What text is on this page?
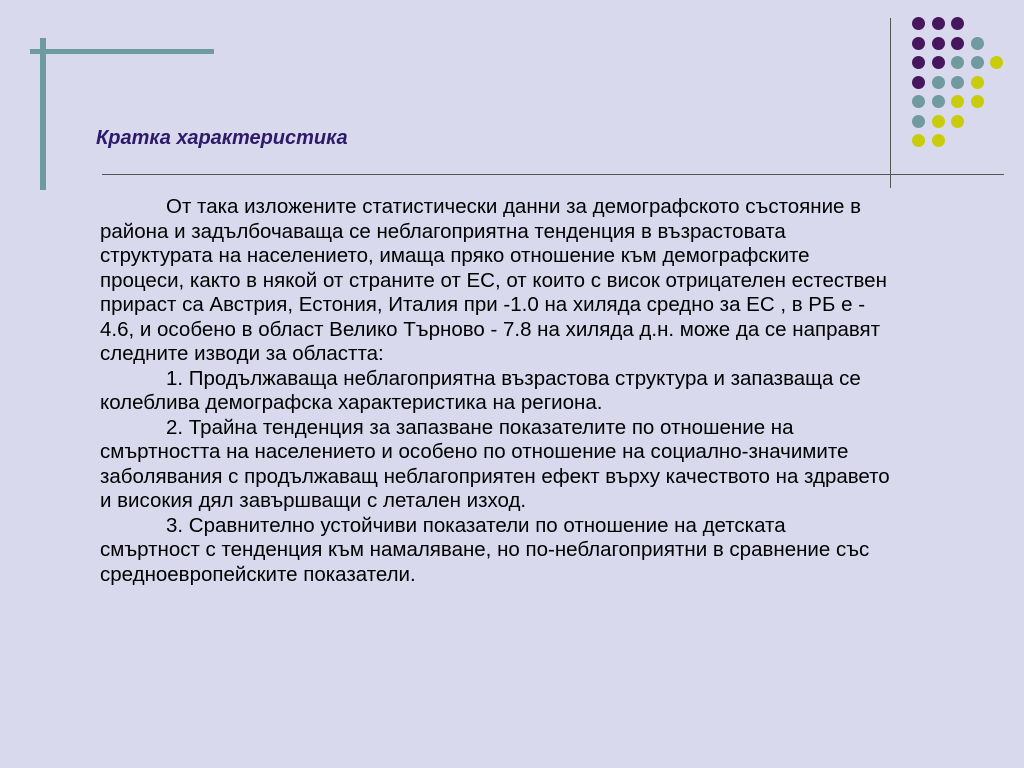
Кратка характеристика

От така изложените статистически данни за демографското състояние в района и задълбочаваща се неблагоприятна тенденция в възрастовата структурата на населението, имаща пряко отношение към демографските процеси, както в някой от страните от ЕС, от които с висок отрицателен естествен прираст са Австрия, Естония, Италия при -1.0 на хиляда средно за ЕС , в РБ е - 4.6, и особено в област Велико Търново - 7.8 на хиляда д.н. може да се направят следните изводи за областта:

1. Продължаваща неблагоприятна възрастова структура и запазваща се колеблива демографска характеристика на региона.

2. Трайна тенденция за запазване показателите по отношение на смъртността на населението и особено по отношение на социално-значимите заболявания с продължаващ неблагоприятен ефект върху качеството на здравето и високия дял завършващи с летален изход.

3. Сравнително устойчиви показатели по отношение на детската смъртност с тенденция към намаляване, но по-неблагоприятни в сравнение със средноевропейските показатели.
